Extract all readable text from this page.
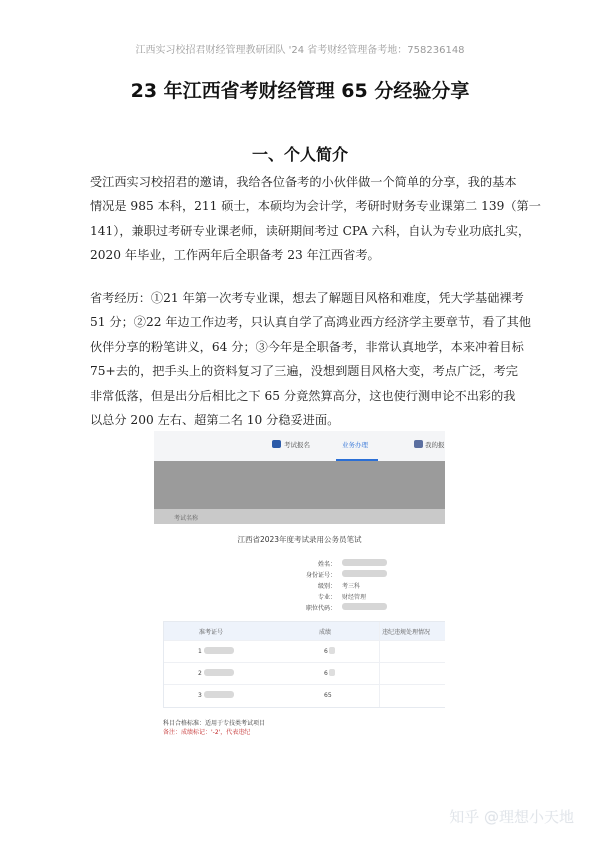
江西实习校招君财经管理教研团队 '24 省考财经管理备考地：758236148
23 年江西省考财经管理 65 分经验分享
一、个人简介

受江西实习校招君的邀请，我给各位备考的小伙伴做一个简单的分享，我的基本

情况是 985 本科，211 硕士，本硕均为会计学，考研时财务专业课第二 139（第一

141），兼职过考研专业课老师，读研期间考过 CPA 六科，自认为专业功底扎实，

2020 年毕业，工作两年后全职备考 23 年江西省考。

省考经历：①21 年第一次考专业课，想去了解题目风格和难度，凭大学基础裸考

51 分；②22 年边工作边考，只认真自学了高鸿业西方经济学主要章节，看了其他

伙伴分享的粉笔讲义，64 分；③今年是全职备考，非常认真地学，本来冲着目标

75+去的，把手头上的资料复习了三遍，没想到题目风格大变，考点广泛，考完

非常低落，但是出分后相比之下 65 分竟然算高分，这也使行测申论不出彩的我

以总分 200 左右、超第二名 10 分稳妥进面。

考试报名	业务办理	我的报
考试名称
江西省2023年度考试录用公务员笔试
姓名：
身份证号：
级别： 考三科
专业： 财经管理
职位代码：
准考证号	成绩	违纪违规处理情况
1	6
2	6
3	65
科目合格标准：适用于专技类考试项目
备注：成绩标记：'-2'，代表违纪
知乎 @理想小天地
